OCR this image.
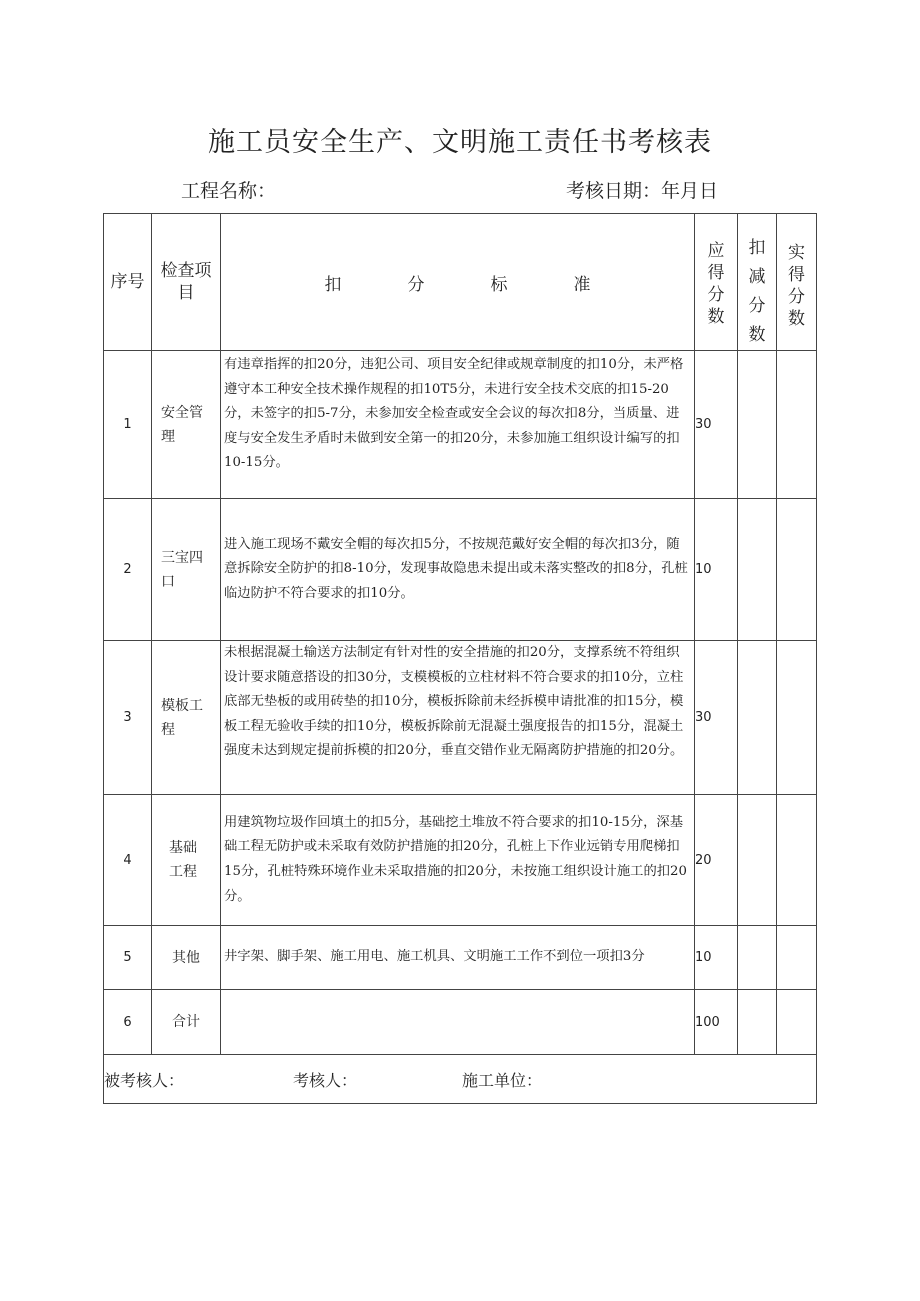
施工员安全生产、文明施工责任书考核表
工程名称：	考核日期：年月日
序号	检查项目	扣 分 标 准	应得分数	扣减分数	实得分数
1	安全管理	有违章指挥的扣20分，违犯公司、项目安全纪律或规章制度的扣10分，未严格遵守本工种安全技术操作规程的扣10T5分，未进行安全技术交底的扣15-20分，未签字的扣5-7分，未参加安全检查或安全会议的每次扣8分，当质量、进度与安全发生矛盾时未做到安全第一的扣20分，未参加施工组织设计编写的扣10-15分。	30		
2	三宝四口	进入施工现场不戴安全帽的每次扣5分，不按规范戴好安全帽的每次扣3分，随意拆除安全防护的扣8-10分，发现事故隐患未提出或未落实整改的扣8分，孔桩临边防护不符合要求的扣10分。	10		
3	模板工程	未根据混凝土输送方法制定有针对性的安全措施的扣20分，支撑系统不符组织设计要求随意搭设的扣30分，支模模板的立柱材料不符合要求的扣10分，立柱底部无垫板的或用砖垫的扣10分，模板拆除前未经拆模申请批准的扣15分，模板工程无验收手续的扣10分，模板拆除前无混凝土强度报告的扣15分，混凝土强度未达到规定提前拆模的扣20分，垂直交错作业无隔离防护措施的扣20分。	30		
4	基础工程	用建筑物垃圾作回填土的扣5分，基础挖土堆放不符合要求的扣10-15分，深基础工程无防护或未采取有效防护措施的扣20分，孔桩上下作业远销专用爬梯扣15分，孔桩特殊环境作业未采取措施的扣20分，未按施工组织设计施工的扣20分。	20		
5	其他	井字架、脚手架、施工用电、施工机具、文明施工工作不到位一项扣3分	10		
6	合计		100		
被考核人： 考核人： 施工单位：					
